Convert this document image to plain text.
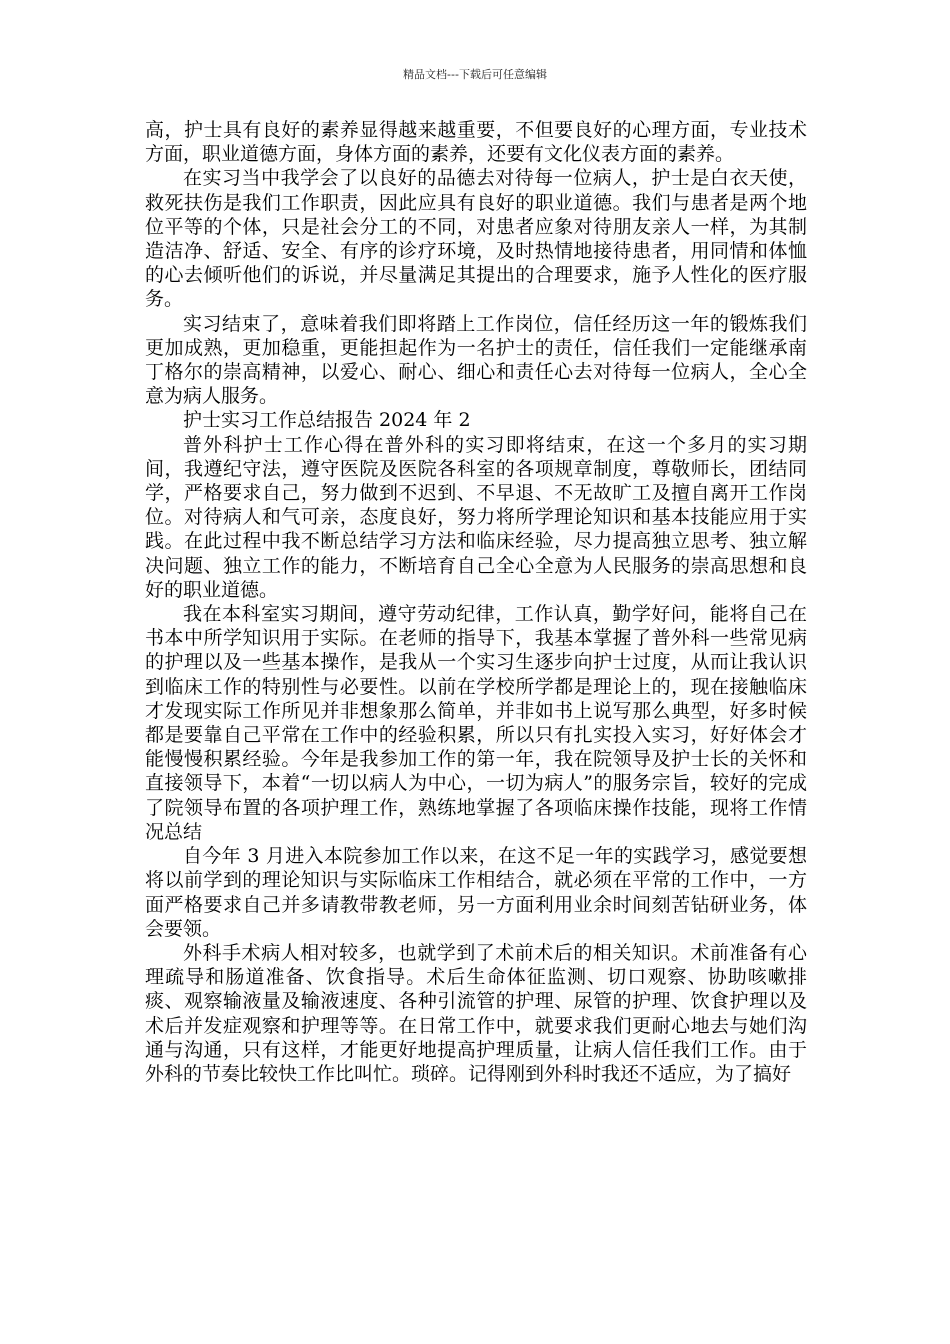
精品文档---下载后可任意编辑

高，护士具有良好的素养显得越来越重要，不但要良好的心理方面，专业技术方面，职业道德方面，身体方面的素养，还要有文化仪表方面的素养。

在实习当中我学会了以良好的品德去对待每一位病人，护士是白衣天使，救死扶伤是我们工作职责，因此应具有良好的职业道德。我们与患者是两个地位平等的个体，只是社会分工的不同，对患者应象对待朋友亲人一样，为其制造洁净、舒适、安全、有序的诊疗环境，及时热情地接待患者，用同情和体恤的心去倾听他们的诉说，并尽量满足其提出的合理要求，施予人性化的医疗服务。

实习结束了，意味着我们即将踏上工作岗位，信任经历这一年的锻炼我们更加成熟，更加稳重，更能担起作为一名护士的责任，信任我们一定能继承南丁格尔的崇高精神，以爱心、耐心、细心和责任心去对待每一位病人，全心全意为病人服务。

护士实习工作总结报告 2024 年 2

普外科护士工作心得在普外科的实习即将结束，在这一个多月的实习期间，我遵纪守法，遵守医院及医院各科室的各项规章制度，尊敬师长，团结同学，严格要求自己，努力做到不迟到、不早退、不无故旷工及擅自离开工作岗位。对待病人和气可亲，态度良好，努力将所学理论知识和基本技能应用于实践。在此过程中我不断总结学习方法和临床经验，尽力提高独立思考、独立解决问题、独立工作的能力，不断培育自己全心全意为人民服务的崇高思想和良好的职业道德。

我在本科室实习期间，遵守劳动纪律，工作认真，勤学好问，能将自己在书本中所学知识用于实际。在老师的指导下，我基本掌握了普外科一些常见病的护理以及一些基本操作，是我从一个实习生逐步向护士过度，从而让我认识到临床工作的特别性与必要性。以前在学校所学都是理论上的，现在接触临床才发现实际工作所见并非想象那么简单，并非如书上说写那么典型，好多时候都是要靠自己平常在工作中的经验积累，所以只有扎实投入实习，好好体会才能慢慢积累经验。今年是我参加工作的第一年，我在院领导及护士长的关怀和直接领导下，本着“一切以病人为中心，一切为病人”的服务宗旨，较好的完成了院领导布置的各项护理工作，熟练地掌握了各项临床操作技能，现将工作情况总结

自今年 3 月进入本院参加工作以来，在这不足一年的实践学习，感觉要想将以前学到的理论知识与实际临床工作相结合，就必须在平常的工作中，一方面严格要求自己并多请教带教老师，另一方面利用业余时间刻苦钻研业务，体会要领。

外科手术病人相对较多，也就学到了术前术后的相关知识。术前准备有心理疏导和肠道准备、饮食指导。术后生命体征监测、切口观察、协助咳嗽排痰、观察输液量及输液速度、各种引流管的护理、尿管的护理、饮食护理以及术后并发症观察和护理等等。在日常工作中，就要求我们更耐心地去与她们沟通与沟通，只有这样，才能更好地提高护理质量，让病人信任我们工作。由于外科的节奏比较快工作比叫忙。琐碎。记得刚到外科时我还不适应，为了搞好
